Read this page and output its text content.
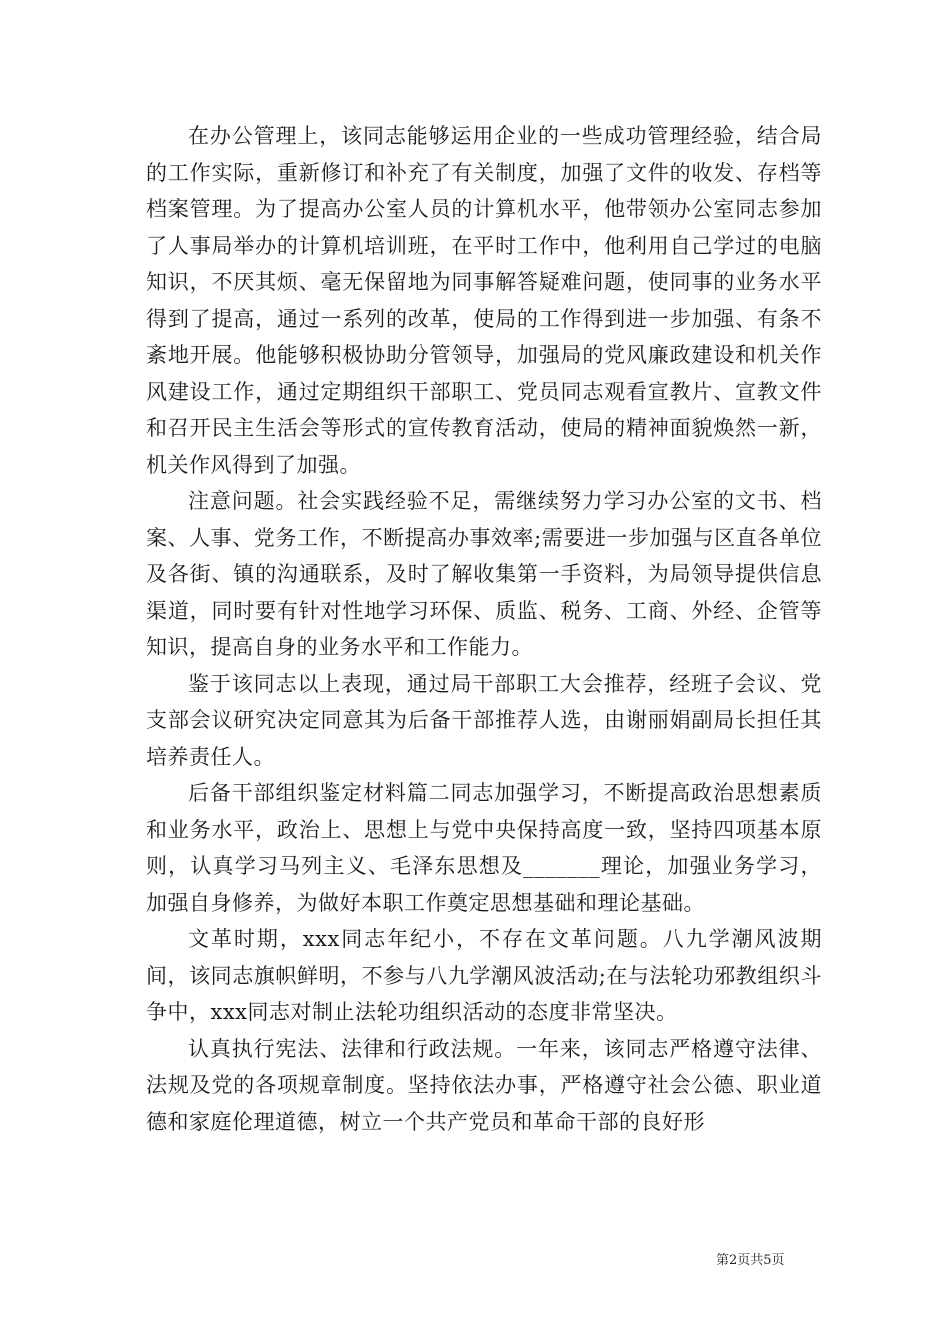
在办公管理上，该同志能够运用企业的一些成功管理经验，结合局的工作实际，重新修订和补充了有关制度，加强了文件的收发、存档等档案管理。为了提高办公室人员的计算机水平，他带领办公室同志参加了人事局举办的计算机培训班，在平时工作中，他利用自己学过的电脑知识，不厌其烦、毫无保留地为同事解答疑难问题，使同事的业务水平得到了提高，通过一系列的改革，使局的工作得到进一步加强、有条不紊地开展。他能够积极协助分管领导，加强局的党风廉政建设和机关作风建设工作，通过定期组织干部职工、党员同志观看宣教片、宣教文件和召开民主生活会等形式的宣传教育活动，使局的精神面貌焕然一新，机关作风得到了加强。

注意问题。社会实践经验不足，需继续努力学习办公室的文书、档案、人事、党务工作，不断提高办事效率;需要进一步加强与区直各单位及各街、镇的沟通联系，及时了解收集第一手资料，为局领导提供信息渠道，同时要有针对性地学习环保、质监、税务、工商、外经、企管等知识，提高自身的业务水平和工作能力。

鉴于该同志以上表现，通过局干部职工大会推荐，经班子会议、党支部会议研究决定同意其为后备干部推荐人选，由谢丽娟副局长担任其培养责任人。

后备干部组织鉴定材料篇二同志加强学习，不断提高政治思想素质和业务水平，政治上、思想上与党中央保持高度一致，坚持四项基本原则，认真学习马列主义、毛泽东思想及_______理论，加强业务学习，加强自身修养，为做好本职工作奠定思想基础和理论基础。

文革时期，xxx同志年纪小，不存在文革问题。八九学潮风波期间，该同志旗帜鲜明，不参与八九学潮风波活动;在与法轮功邪教组织斗争中，xxx同志对制止法轮功组织活动的态度非常坚决。

认真执行宪法、法律和行政法规。一年来，该同志严格遵守法律、法规及党的各项规章制度。坚持依法办事，严格遵守社会公德、职业道德和家庭伦理道德，树立一个共产党员和革命干部的良好形

第2页共5页
